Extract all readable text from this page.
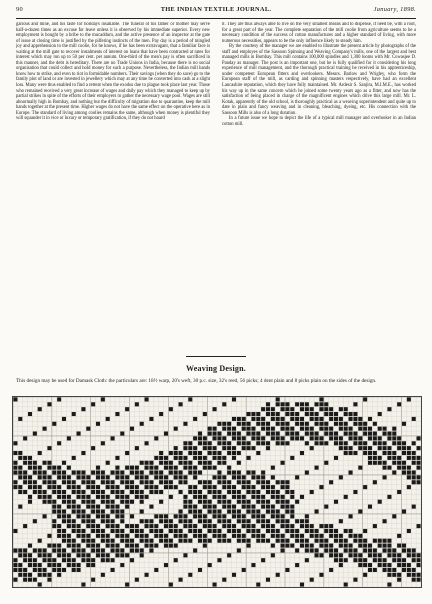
90	THE INDIAN TEXTILE JOURNAL.	January, 1898.

garious and mine, and his taste for holidays insatiable. The funeral of his father or mother may serve half-a-dozen times as an excuse for leave unless it is observed by his immediate superior. Every new employment is bought by a bribe to the mucaddum, and the active presence of an inspector at the gate of issue at closing time is justified by the pilfering instincts of the men. Pay day is a period of mingled joy and apprehension to the mill coolie, for he knows, if he has been extravagant, that a familiar face is waiting at the mill gate to recover instalments of interest on loans that have been contracted at rates for interest which may run up to 50 per cent. per annum. One-third of the men's pay is often sacrificed in this manner, and the debt is hereditary. There are no Trade Unions in India, because there is no social organisation that could collect and hold money for such a purpose. Nevertheless, the Indian mill hands know how to strike, and even to riot in formidable numbers. Their savings (when they do save) go to the family plot of land or are invested in jewellery which may at any time be converted into cash at a slight loss. Many were thus enabled to find a retreat when the exodus due to plague took place last year. Those who remained received a very great increase of wages and daily pay which they managed to keep up by partial strikes in spite of the efforts of their employers to gather the necessary wage pool. Wages are still abnormally high in Bombay, and nothing but the difficulty of migration due to quarantine, keep the mill hands together at the present time. Higher wages do not have the same effect on the operative here as in Europe. The standard of living among coolies remains the same, although when money is plentiful they will squander it in vice or luxury or temporary gratification, if they do not hoard

it. They are thus always able to live on the very smallest means and to dispense, if need be, with a roof, for a great part of the year. The complete separation of the mill coolie from agriculture seems to be a necessary condition of the success of cotton manufactures and a higher standard of living, with more numerous necessities, appears to be the only influence likely to steady him.

By the courtesy of the manager we are enabled to illustrate the present article by photographs of the staff and employes of the Sassoon Spinning and Weaving Company's mills, one of the largest and best managed mills in Bombay. This mill contains 100,000 spindles and 1,300 looms with Mr. Cowasjee D. Panday as manager. The post is an important one, but he is fully qualified for it considering his long experience of mill management, and the thorough practical training he received in his apprenticeship, under competent European fitters and overlookers. Messrs. Barlow and Wrigley, who form the European staff of the mill, as carding and spinning masters respectively, have had an excellent Lancashire reputation, which they have fully maintained. Mr. Ardesir S. Sanjira, M.I.M.E., has worked his way up in the same concern which he joined some twenty years ago as a fitter, and now has the satisfaction of being placed in charge of the magnificent engines which drive this large mill. Mr. L. Kotak, apparently of the old school, is thoroughly practical as a weaving superintendent and quite up to date in plain and fancy weaving and in cleaning, bleaching, dyeing, etc. His connection with the Sassoon Mills is also of a long duration.

In a future issue we hope to depict the life of a typical mill manager and overlooker in an Indian cotton mill.

Weaving Design.
This design may be used for Damask Cloth: the particulars are: 18½ warp, 20's weft, 30 p.c. size, 32's reed, 56 picks; 4 dent plain and 8 picks plain on the sides of the design.
